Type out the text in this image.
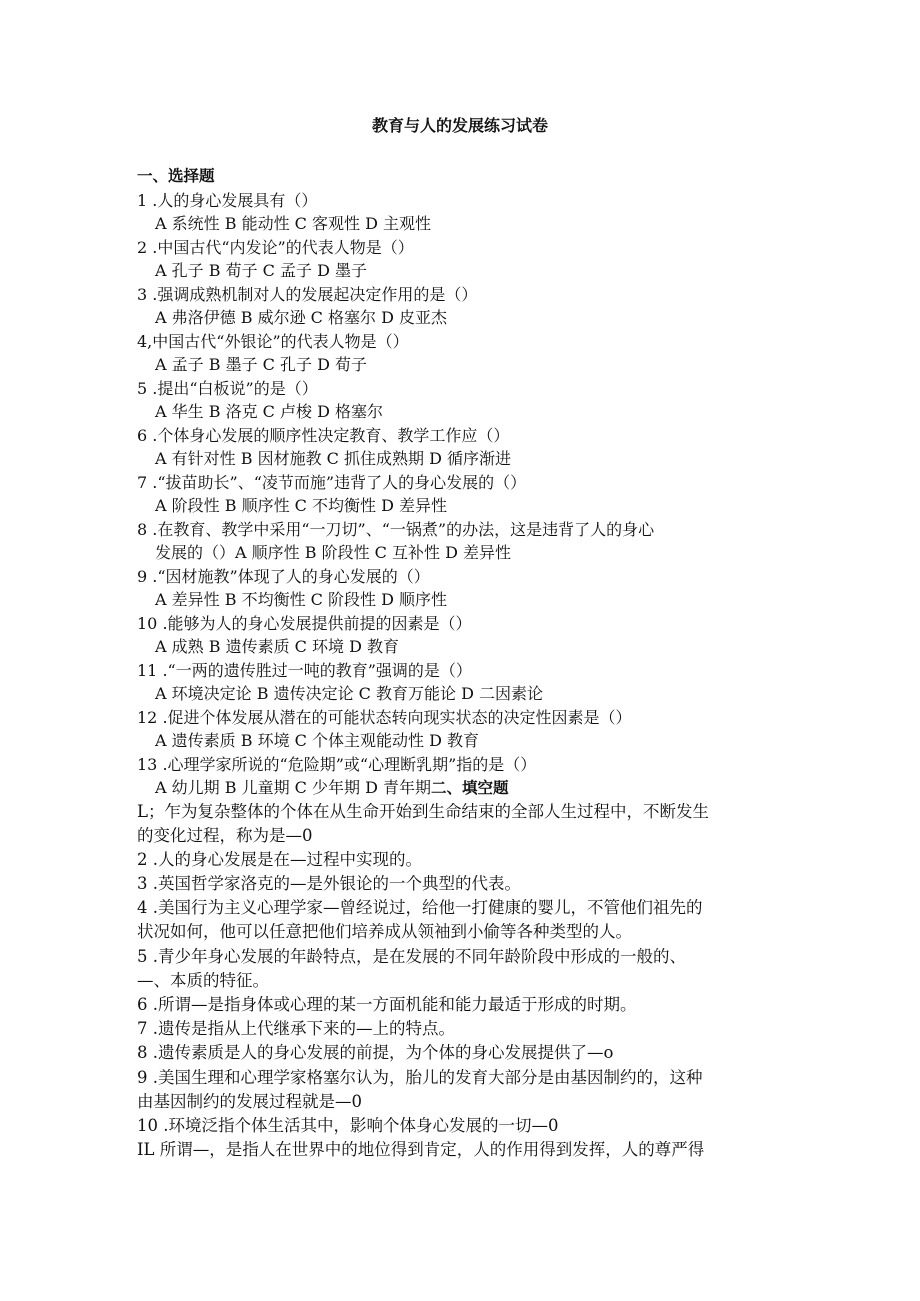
教育与人的发展练习试卷
一、选择题
1 .人的身心发展具有（）
A 系统性 B 能动性 C 客观性 D 主观性
2 .中国古代“内发论”的代表人物是（）
A 孔子 B 荀子 C 孟子 D 墨子
3 .强调成熟机制对人的发展起决定作用的是（）
A 弗洛伊德 B 威尔逊 C 格塞尔 D 皮亚杰
4,中国古代“外银论”的代表人物是（）
A 孟子 B 墨子 C 孔子 D 荀子
5 .提出“白板说”的是（）
A 华生 B 洛克 C 卢梭 D 格塞尔
6 .个体身心发展的顺序性决定教育、教学工作应（）
A 有针对性 B 因材施教 C 抓住成熟期 D 循序渐进
7 .“拔苗助长”、“凌节而施”违背了人的身心发展的（）
A 阶段性 B 顺序性 C 不均衡性 D 差异性
8 .在教育、教学中采用“一刀切”、“一锅煮”的办法，这是违背了人的身心
发展的（）A 顺序性 B 阶段性 C 互补性 D 差异性
9 .“因材施教”体现了人的身心发展的（）
A 差异性 B 不均衡性 C 阶段性 D 顺序性
10 .能够为人的身心发展提供前提的因素是（）
A 成熟 B 遗传素质 C 环境 D 教育
11 .“一两的遗传胜过一吨的教育”强调的是（）
A 环境决定论 B 遗传决定论 C 教育万能论 D 二因素论
12 .促进个体发展从潜在的可能状态转向现实状态的决定性因素是（）
A 遗传素质 B 环境 C 个体主观能动性 D 教育
13 .心理学家所说的“危险期”或“心理断乳期”指的是（）
A 幼儿期 B 儿童期 C 少年期 D 青年期二、填空题
L；乍为复杂整体的个体在从生命开始到生命结束的全部人生过程中，不断发生
的变化过程，称为是—0
2 .人的身心发展是在—过程中实现的。
3 .英国哲学家洛克的—是外银论的一个典型的代表。
4 .美国行为主义心理学家—曾经说过，给他一打健康的婴儿，不管他们祖先的
状况如何，他可以任意把他们培养成从领袖到小偷等各种类型的人。
5 .青少年身心发展的年龄特点，是在发展的不同年龄阶段中形成的一般的、
—、本质的特征。
6 .所谓—是指身体或心理的某一方面机能和能力最适于形成的时期。
7 .遗传是指从上代继承下来的—上的特点。
8 .遗传素质是人的身心发展的前提，为个体的身心发展提供了—o
9 .美国生理和心理学家格塞尔认为，胎儿的发育大部分是由基因制约的，这种
由基因制约的发展过程就是—0
10 .环境泛指个体生活其中，影响个体身心发展的一切—0
IL 所谓—，是指人在世界中的地位得到肯定，人的作用得到发挥，人的尊严得
